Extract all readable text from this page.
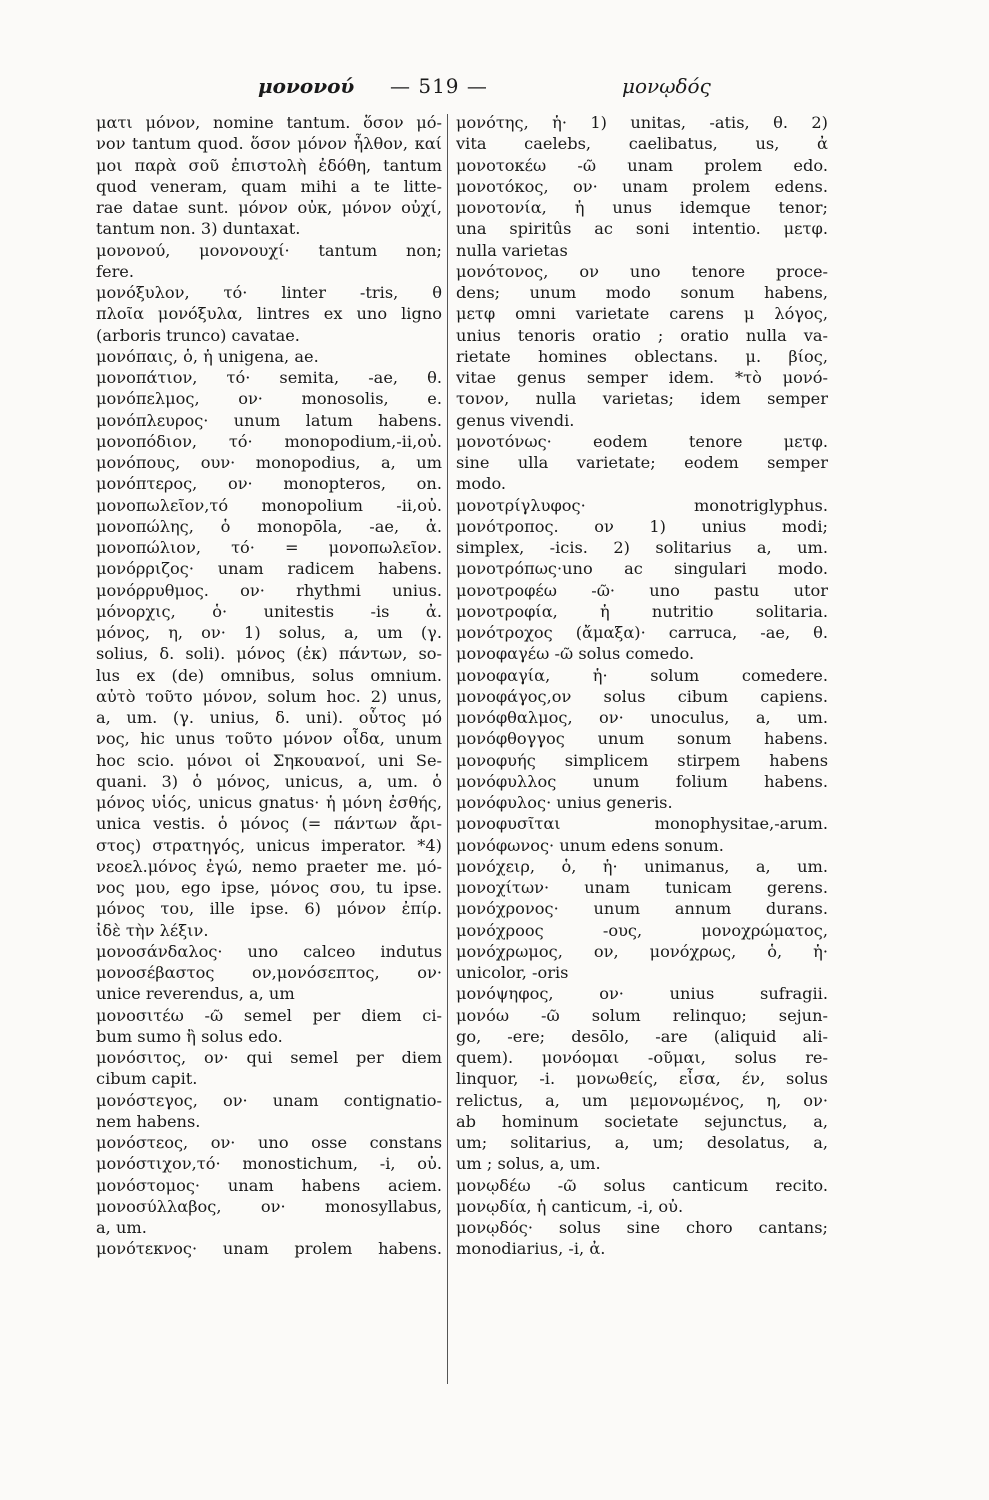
μονονού — 519 —	μονῳδός
ματι μόνον, nomine tantum. ὅσον μό-
νον tantum quod. ὅσον μόνον ἦλθον, καί
μοι παρὰ σοῦ ἐπιστολὴ ἐδόθη, tantum
quod veneram, quam mihi a te litte-
rae datae sunt. μόνον οὐκ, μόνον οὐχί,
tantum non. 3) duntaxat.
μονονού, μονονουχί· tantum non;
fere.
μονόξυλον, τό· linter -tris, θ
πλοῖα μονόξυλα, lintres ex uno ligno
(arboris trunco) cavatae.
μονόπαις, ὁ, ἡ unigena, ae.
μονοπάτιον, τό· semita, -ae, θ.
μονόπελμος, ον· monosolis, e.
μονόπλευρος· unum latum habens.
μονοπόδιον, τό· monopodium,-ii,οὐ.
μονόπους, ουν· monopodius, a, um
μονόπτερος, ον· monopteros, on.
μονοπωλεῖον,τό monopolium -ii,οὐ.
μονοπώλης, ὁ monopōla, -ae, ἀ.
μονοπώλιον, τό· = μονοπωλεῖον.
μονόρριζος· unam radicem habens.
μονόρρυθμος. ον· rhythmi unius.
μόνορχις, ὁ· unitestis -is ἀ.
μόνος, η, ον· 1) solus, a, um (γ.
solius, δ. soli). μόνος (ἐκ) πάντων, so-
lus ex (de) omnibus, solus omnium.
αὐτὸ τοῦτο μόνον, solum hoc. 2) unus,
a, um. (γ. unius, δ. uni). οὗτος μό
νος, hic unus τοῦτο μόνον οἶδα, unum
hoc scio. μόνοι οἱ Σηκουανοί, uni Se-
quani. 3) ὁ μόνος, unicus, a, um. ὁ
μόνος υἱός, unicus gnatus· ἡ μόνη ἐσθής,
unica vestis. ὁ μόνος (= πάντων ἄρι-
στος) στρατηγός, unicus imperator. *4)
νεοελ.μόνος ἐγώ, nemo praeter me. μό-
νος μου, ego ipse, μόνος σου, tu ipse.
μόνος του, ille ipse. 6) μόνον ἐπίρ.
ἰδὲ τὴν λέξιν.
μονοσάνδαλος· uno calceo indutus
μονοσέβαστος ον,μονόσεπτος, ον·
unice reverendus, a, um
μονοσιτέω -ῶ semel per diem ci-
bum sumo ἢ solus edo.
μονόσιτος, ον· qui semel per diem
cibum capit.
μονόστεγος, ον· unam contignatio-
nem habens.
μονόστεος, ον· uno osse constans
μονόστιχον,τό· monostichum, -i, οὐ.
μονόστομος· unam habens aciem.
μονοσύλλαβος, ον· monosyllabus,
a, um.
μονότεκνος· unam prolem habens.
μονότης, ἡ· 1) unitas, -atis, θ. 2)
vita caelebs, caelibatus, us, ἀ
μονοτοκέω -ῶ unam prolem edo.
μονοτόκος, ον· unam prolem edens.
μονοτονία, ἡ unus idemque tenor;
una spiritûs ac soni intentio. μετφ.
nulla varietas
μονότονος, ον uno tenore proce-
dens; unum modo sonum habens,
μετφ omni varietate carens μ λόγος,
unius tenoris oratio ; oratio nulla va-
rietate homines oblectans. μ. βίος,
vitae genus semper idem. *τὸ μονό-
τονον, nulla varietas; idem semper
genus vivendi.
μονοτόνως· eodem tenore μετφ.
sine ulla varietate; eodem semper
modo.
μονοτρίγλυφος· monotriglyphus.
μονότροπος. ον 1) unius modi;
simplex, -icis. 2) solitarius a, um.
μονοτρόπως·uno ac singulari modo.
μονοτροφέω -ῶ· uno pastu utor
μονοτροφία, ἡ nutritio solitaria.
μονότροχος (ἄμαξα)· carruca, -ae, θ.
μονοφαγέω -ῶ solus comedo.
μονοφαγία, ἡ· solum comedere.
μονοφάγος,ον solus cibum capiens.
μονόφθαλμος, ον· unoculus, a, um.
μονόφθογγος unum sonum habens.
μονοφυής simplicem stirpem habens
μονόφυλλος unum folium habens.
μονόφυλος· unius generis.
μονοφυσῖται monophysitae,-arum.
μονόφωνος· unum edens sonum.
μονόχειρ, ὁ, ἡ· unimanus, a, um.
μονοχίτων· unam tunicam gerens.
μονόχρονος· unum annum durans.
μονόχροος -ους, μονοχρώματος,
μονόχρωμος, ον, μονόχρως, ὁ, ἡ·
unicolor, -oris
μονόψηφος, ον· unius sufragii.
μονόω -ῶ solum relinquo; sejun-
go, -ere; desōlo, -are (aliquid ali-
quem). μονόομαι -οῦμαι, solus re-
linquor, -i. μονωθείς, εἶσα, έν, solus
relictus, a, um μεμονωμένος, η, ον·
ab hominum societate sejunctus, a,
um; solitarius, a, um; desolatus, a,
um ; solus, a, um.
μονῳδέω -ῶ solus canticum recito.
μονῳδία, ἡ canticum, -i, οὐ.
μονῳδός· solus sine choro cantans;
monodiarius, -i, ἀ.
